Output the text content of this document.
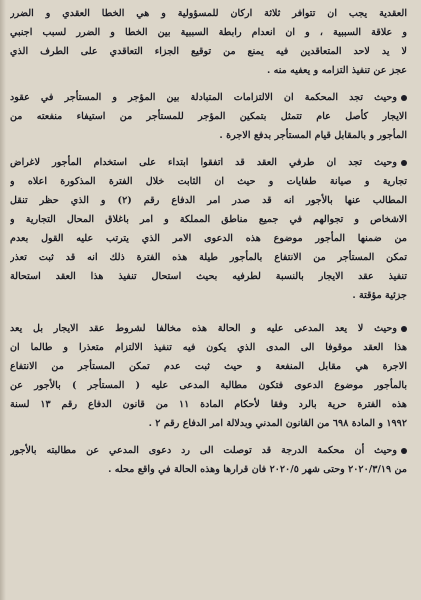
العقدية يجب ان تتوافر ثلاثة اركان للمسؤولية و هي الخطا العقدي و الضرر
و علاقة السببية ، و ان انعدام رابطة السببية بين الخطا و الضرر لسبب اجنبي
لا يد لاحد المتعاقدين فيه يمنع من توقيع الجزاء التعاقدي على الطرف الذي
عجز عن تنفيذ التزامه و يعفيه منه .
وحيث تجد المحكمة ان الالتزامات المتبادلة بين المؤجر و المستأجر في عقود
الايجار كأصل عام تتمثل بتمكين المؤجر للمستأجر من استيفاء منفعته من
المأجور و بالمقابل قيام المستأجر بدفع الاجرة .
وحيث تجد ان طرفي العقد قد اتفقوا ابتداء على استخدام المأجور لاغراض
تجارية و صيانة طفايات و حيث ان الثابت خلال الفترة المذكورة اعلاه و
المطالب عنها بالأجور انه قد صدر امر الدفاع رقم (٢) و الذي حظر تنقل
الاشخاص و تجوالهم في جميع مناطق المملكة و امر باغلاق المحال التجارية و
من ضمنها المأجور موضوع هذه الدعوى الامر الذي يترتب عليه القول بعدم
تمكن المستأجر من الانتفاع بالمأجور طيلة هذه الفترة ذلك انه قد ثبت تعذر
تنفيذ عقد الايجار بالنسبة لطرفيه بحيث استحال تنفيذ هذا العقد استحالة
جزئية مؤقتة .
وحيث لا يعد المدعى عليه و الحالة هذه مخالفا لشروط عقد الايجار بل يعد
هذا العقد موقوفا الى المدى الذي يكون فيه تنفيذ الالتزام متعذرا و طالما ان
الاجرة هي مقابل المنفعة و حيث ثبت عدم تمكن المستأجر من الانتفاع
بالمأجور موضوع الدعوى فتكون مطالبة المدعى عليه ( المستأجر ) بالأجور عن
هذه الفترة حرية بالرد وفقا لأحكام المادة ١١ من قانون الدفاع رقم ١٣ لسنة
١٩٩٢ و المادة ٦٩٨ من القانون المدني وبدلالة امر الدفاع رقم ٢ .
وحيث أن محكمة الدرجة قد توصلت الى رد دعوى المدعي عن مطالبته بالأجور
من ٢٠٢٠/٣/١٩ وحتى شهر ٢٠٢٠/٥ فان قرارها وهذه الحالة في واقع محله .
